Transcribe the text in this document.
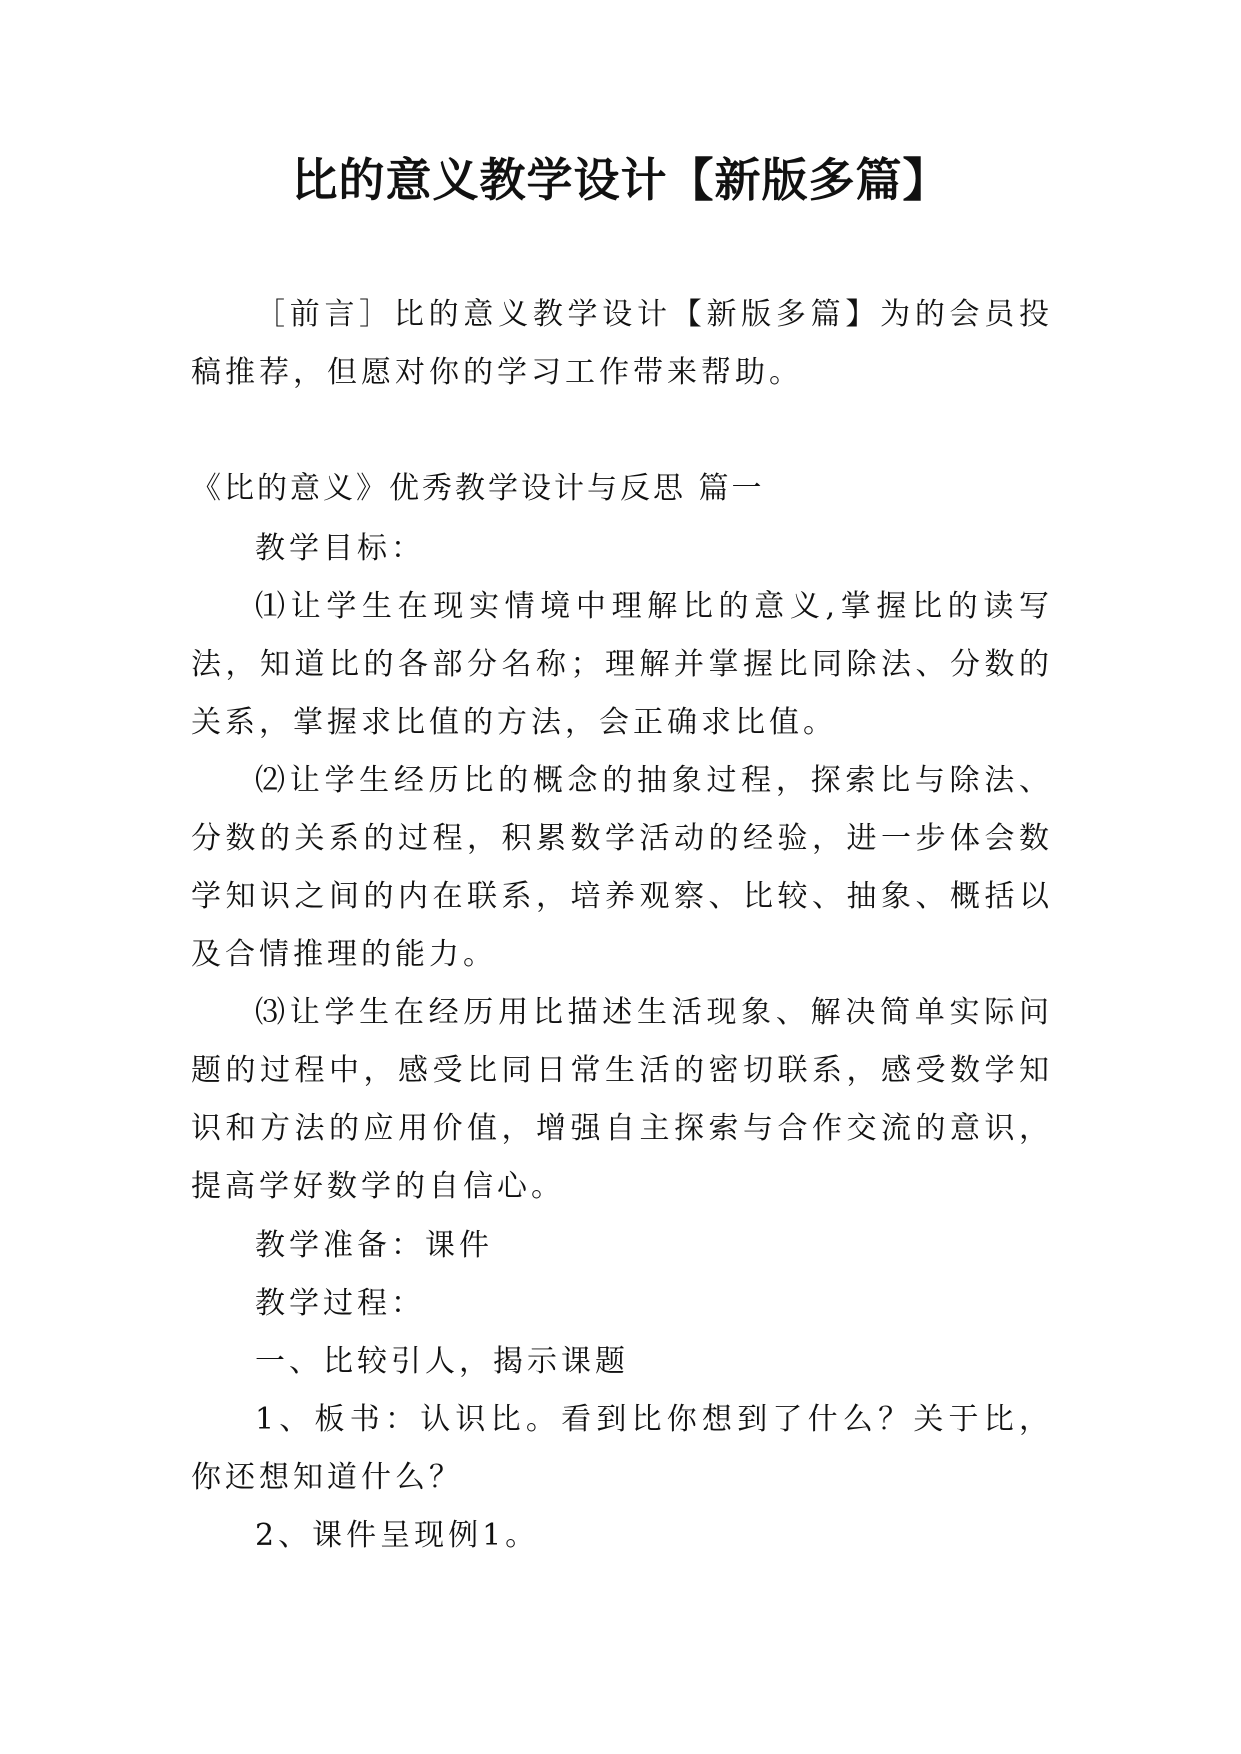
比的意义教学设计【新版多篇】

［前言］比的意义教学设计【新版多篇】为的会员投稿推荐，但愿对你的学习工作带来帮助。

《比的意义》优秀教学设计与反思 篇一

教学目标：

⑴让学生在现实情境中理解比的意义,掌握比的读写法，知道比的各部分名称；理解并掌握比同除法、分数的关系，掌握求比值的方法，会正确求比值。

⑵让学生经历比的概念的抽象过程，探索比与除法、分数的关系的过程，积累数学活动的经验，进一步体会数学知识之间的内在联系，培养观察、比较、抽象、概括以及合情推理的能力。

⑶让学生在经历用比描述生活现象、解决简单实际问题的过程中，感受比同日常生活的密切联系，感受数学知识和方法的应用价值，增强自主探索与合作交流的意识，提高学好数学的自信心。

教学准备：课件

教学过程：

一、比较引人，揭示课题

1、板书：认识比。看到比你想到了什么？关于比，你还想知道什么？

2、课件呈现例1。
